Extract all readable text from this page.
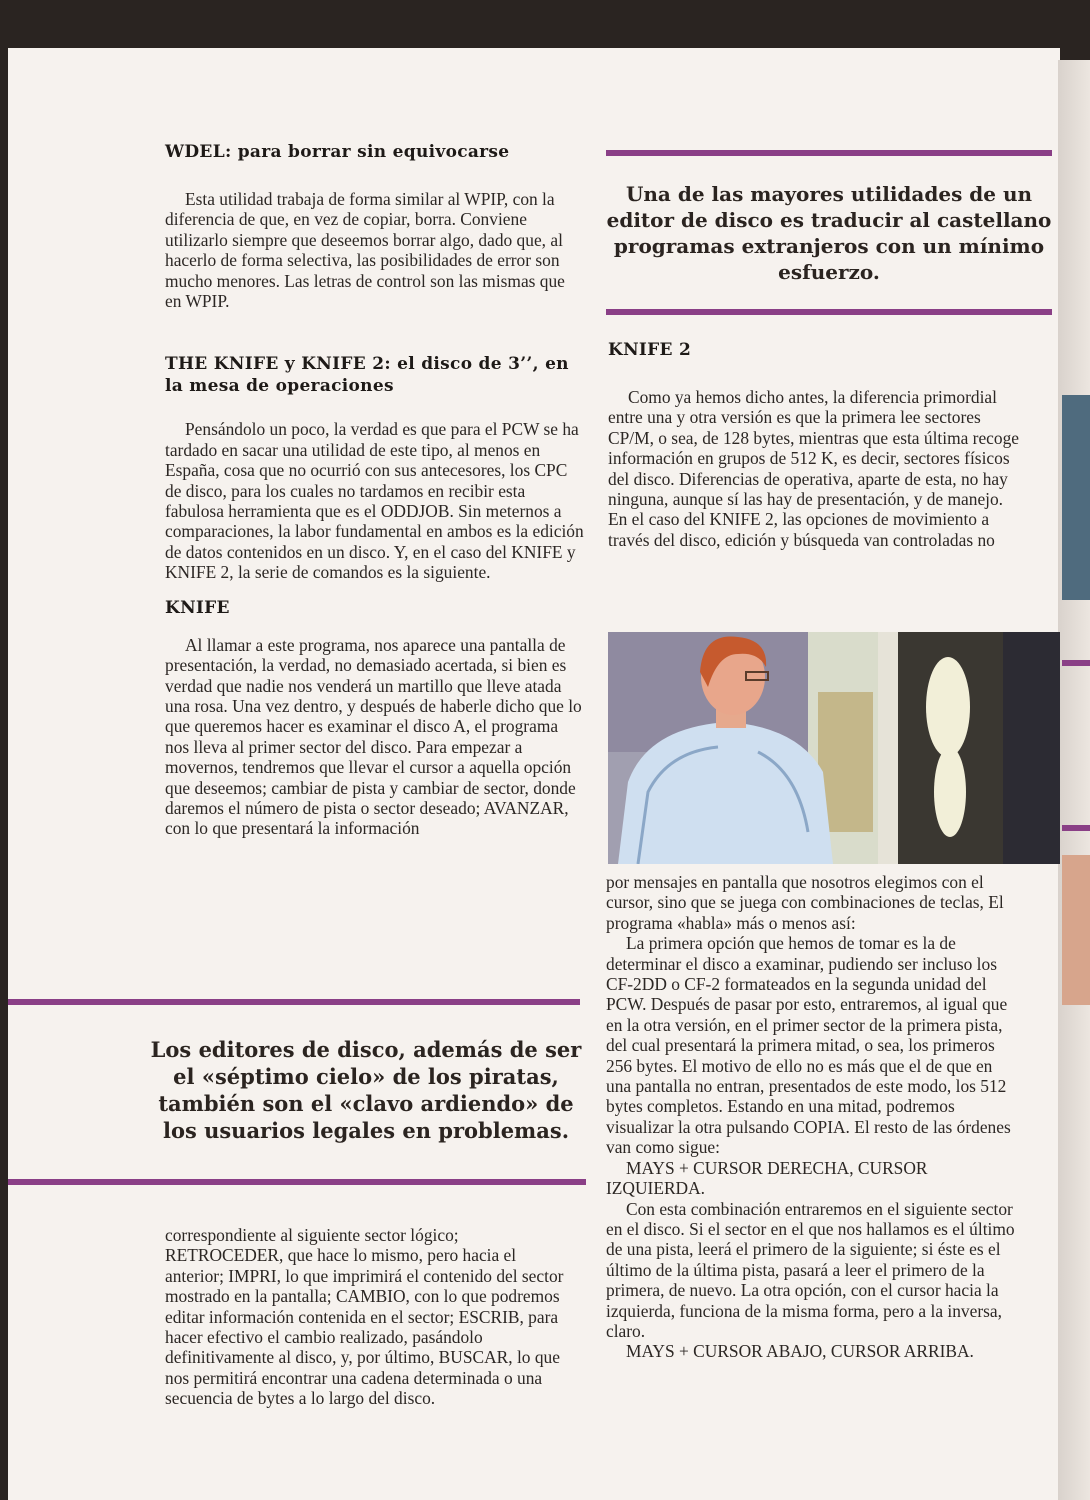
WDEL: para borrar sin equivocarse

Esta utilidad trabaja de forma similar al WPIP, con la diferencia de que, en vez de copiar, borra. Conviene utilizarlo siempre que deseemos borrar algo, dado que, al hacerlo de forma selectiva, las posibilidades de error son mucho menores. Las letras de control son las mismas que en WPIP.

THE KNIFE y KNIFE 2: el disco de 3’’, en la mesa de operaciones

Pensándolo un poco, la verdad es que para el PCW se ha tardado en sacar una utilidad de este tipo, al menos en España, cosa que no ocurrió con sus antecesores, los CPC de disco, para los cuales no tardamos en recibir esta fabulosa herramienta que es el ODDJOB. Sin meternos a comparaciones, la labor fundamental en ambos es la edición de datos contenidos en un disco. Y, en el caso del KNIFE y KNIFE 2, la serie de comandos es la siguiente.

KNIFE

Al llamar a este programa, nos aparece una pantalla de presentación, la verdad, no demasiado acertada, si bien es verdad que nadie nos venderá un martillo que lleve atada una rosa. Una vez dentro, y después de haberle dicho que lo que queremos hacer es examinar el disco A, el programa nos lleva al primer sector del disco. Para empezar a movernos, tendremos que llevar el cursor a aquella opción que deseemos; cambiar de pista y cambiar de sector, donde daremos el número de pista o sector deseado; AVANZAR, con lo que presentará la información

Los editores de disco, además de ser el «séptimo cielo» de los piratas, también son el «clavo ardiendo» de los usuarios legales en problemas.

correspondiente al siguiente sector lógico; RETROCEDER, que hace lo mismo, pero hacia el anterior; IMPRI, lo que imprimirá el contenido del sector mostrado en la pantalla; CAMBIO, con lo que podremos editar información contenida en el sector; ESCRIB, para hacer efectivo el cambio realizado, pasándolo definitivamente al disco, y, por último, BUSCAR, lo que nos permitirá encontrar una cadena determinada o una secuencia de bytes a lo largo del disco.

Una de las mayores utilidades de un editor de disco es traducir al castellano programas extranjeros con un mínimo esfuerzo.
KNIFE 2

Como ya hemos dicho antes, la diferencia primordial entre una y otra versión es que la primera lee sectores CP/M, o sea, de 128 bytes, mientras que esta última recoge información en grupos de 512 K, es decir, sectores físicos del disco. Diferencias de operativa, aparte de esta, no hay ninguna, aunque sí las hay de presentación, y de manejo. En el caso del KNIFE 2, las opciones de movimiento a través del disco, edición y búsqueda van controladas no

por mensajes en pantalla que nosotros elegimos con el cursor, sino que se juega con combinaciones de teclas, El programa «habla» más o menos así:

La primera opción que hemos de tomar es la de determinar el disco a examinar, pudiendo ser incluso los CF-2DD o CF-2 formateados en la segunda unidad del PCW. Después de pasar por esto, entraremos, al igual que en la otra versión, en el primer sector de la primera pista, del cual presentará la primera mitad, o sea, los primeros 256 bytes. El motivo de ello no es más que el de que en una pantalla no entran, presentados de este modo, los 512 bytes completos. Estando en una mitad, podremos visualizar la otra pulsando COPIA. El resto de las órdenes van como sigue:

MAYS + CURSOR DERECHA, CURSOR IZQUIERDA.

Con esta combinación entraremos en el siguiente sector en el disco. Si el sector en el que nos hallamos es el último de una pista, leerá el primero de la siguiente; si éste es el último de la última pista, pasará a leer el primero de la primera, de nuevo. La otra opción, con el cursor hacia la izquierda, funciona de la misma forma, pero a la inversa, claro.

MAYS + CURSOR ABAJO, CURSOR ARRIBA.
